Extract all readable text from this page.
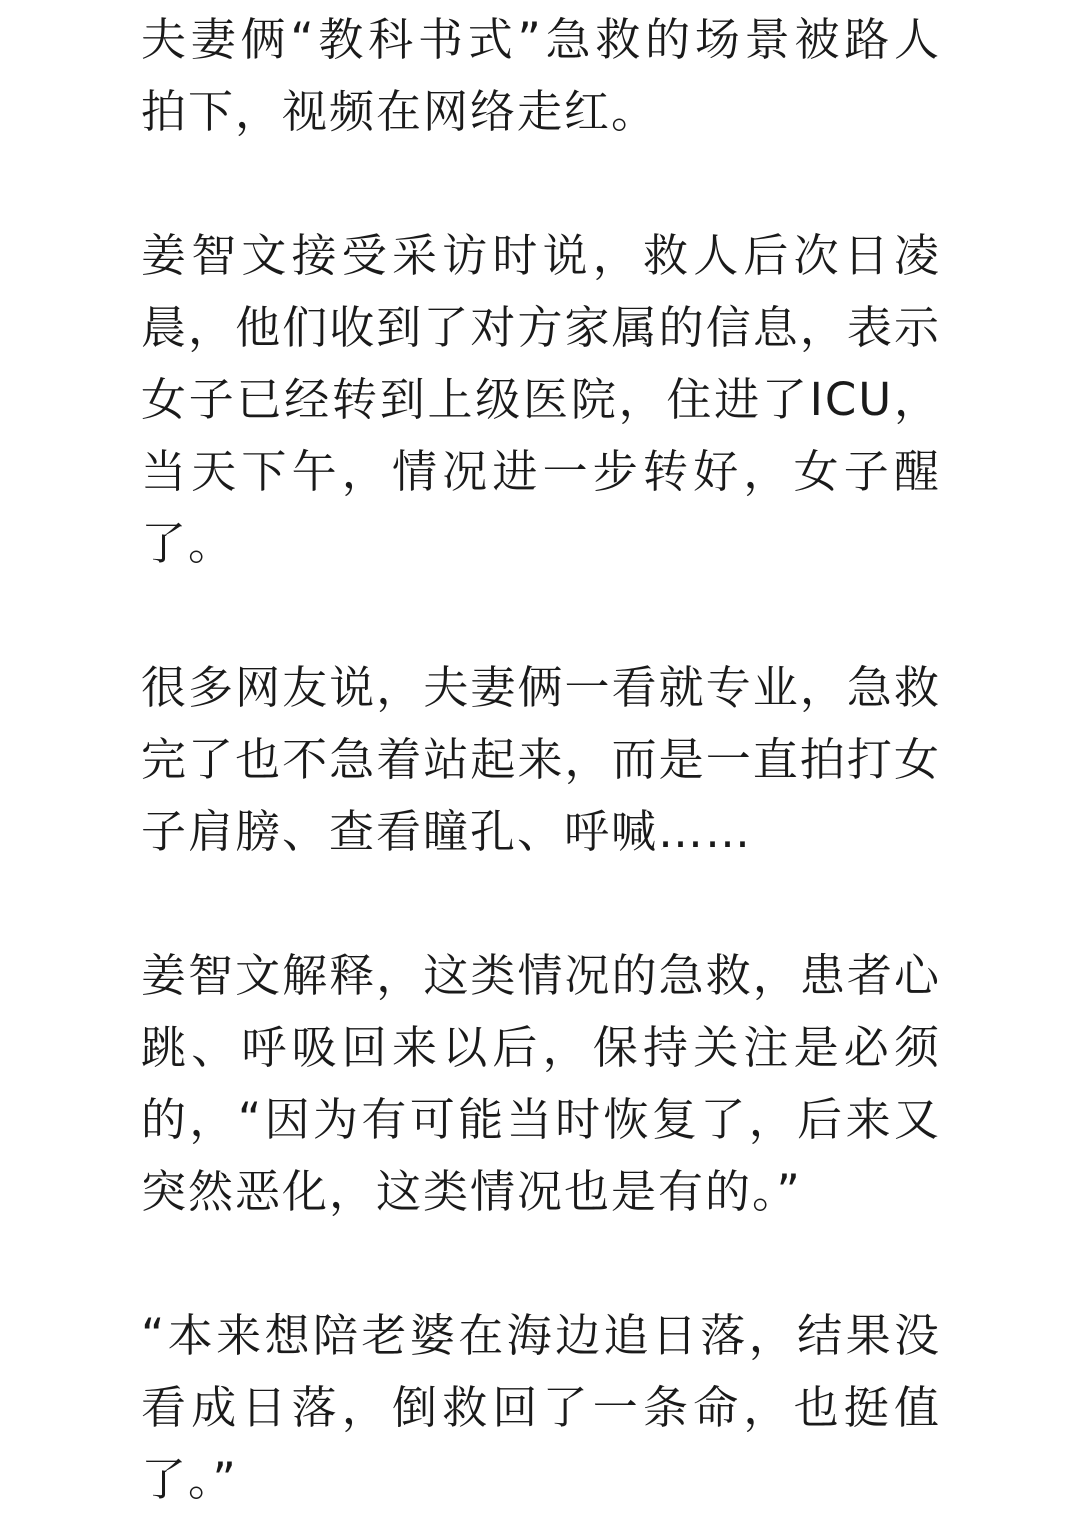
夫妻俩“教科书式”急救的场景被路人拍下，视频在网络走红。

姜智文接受采访时说，救人后次日凌晨，他们收到了对方家属的信息，表示女子已经转到上级医院，住进了ICU，当天下午，情况进一步转好，女子醒了。

很多网友说，夫妻俩一看就专业，急救完了也不急着站起来，而是一直拍打女子肩膀、查看瞳孔、呼喊……

姜智文解释，这类情况的急救，患者心跳、呼吸回来以后，保持关注是必须的，“因为有可能当时恢复了，后来又突然恶化，这类情况也是有的。”

“本来想陪老婆在海边追日落，结果没看成日落，倒救回了一条命，也挺值了。”
